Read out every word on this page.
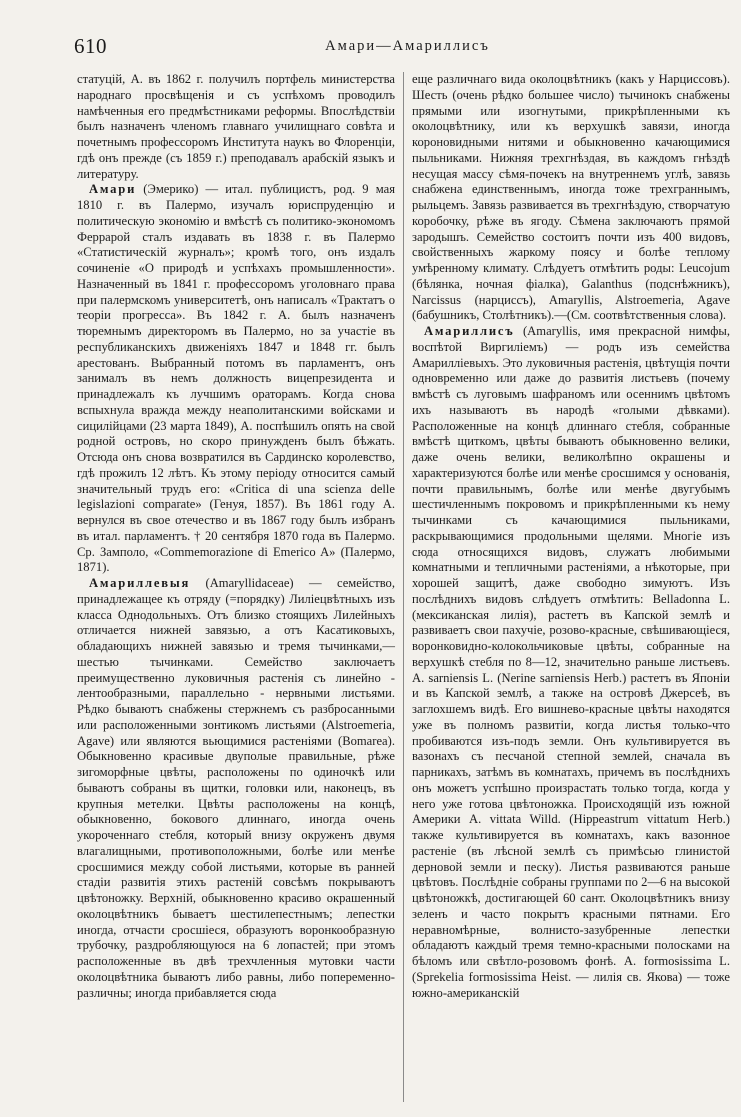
610	Амари—Амариллисъ

статуцій, А. въ 1862 г. получилъ портфель министерства народнаго просвѣщенія и съ успѣхомъ проводилъ намѣченныя его предмѣстниками реформы. Впослѣдствіи былъ назначенъ членомъ главнаго училищнаго совѣта и почетнымъ профессоромъ Института наукъ во Флоренціи, гдѣ онъ прежде (съ 1859 г.) преподавалъ арабскій языкъ и литературу.

Амари (Эмерико) — итал. публицистъ, род. 9 мая 1810 г. въ Палермо, изучалъ юриспруденцію и политическую экономію и вмѣстѣ съ политико-экономомъ Феррарой сталъ издавать въ 1838 г. въ Палермо «Статистическій журналъ»; кромѣ того, онъ издалъ сочиненіе «О природѣ и успѣхахъ промышленности». Назначенный въ 1841 г. профессоромъ уголовнаго права при палермскомъ университетѣ, онъ написалъ «Трактатъ о теоріи прогресса». Въ 1842 г. А. былъ назначенъ тюремнымъ директоромъ въ Палермо, но за участіе въ республиканскихъ движеніяхъ 1847 и 1848 гг. былъ арестованъ. Выбранный потомъ въ парламентъ, онъ занималъ въ немъ должность вицепрезидента и принадлежалъ къ лучшимъ ораторамъ. Когда снова вспыхнула вражда между неаполитанскими войсками и сицилійцами (23 марта 1849), А. поспѣшилъ опять на свой родной островъ, но скоро принужденъ былъ бѣжать. Отсюда онъ снова возвратился въ Сардинско королевство, гдѣ прожилъ 12 лѣтъ. Къ этому періоду относится самый значительный трудъ его: «Critica di una scienza delle legislazioni comparate» (Генуя, 1857). Въ 1861 году А. вернулся въ свое отечество и въ 1867 году былъ избранъ въ итал. парламентъ. † 20 сентября 1870 года въ Палермо. Ср. Замполо, «Commemorazione di Emerico A» (Палермо, 1871).

Амариллевыя (Amaryllidaceae) — семейство, принадлежащее къ отряду (=порядку) Лилiецвѣтныхъ изъ класса Однодольныхъ. Отъ близко стоящихъ Лилейныхъ отличается нижней завязью, а отъ Касатиковыхъ, обладающихъ нижней завязью и тремя тычинками,— шестью тычинками. Семейство заключаетъ преимущественно луковичныя растенія съ линейно - лентообразными, параллельно - нервными листьями. Рѣдко бываютъ снабжены стержнемъ съ разбросанными или расположенными зонтикомъ листьями (Alstroemeria, Agave) или являются вьющимися растеніями (Bomarea). Обыкновенно красивые двуполые правильные, рѣже зигоморфные цвѣты, расположены по одиночкѣ или бываютъ собраны въ щитки, головки или, наконецъ, въ крупныя метелки. Цвѣты расположены на концѣ, обыкновенно, бокового длиннаго, иногда очень укороченнаго стебля, который внизу окруженъ двумя влагалищными, противоположными, болѣе или менѣе сросшимися между собой листьями, которые въ ранней стадіи развитія этихъ растеній совсѣмъ покрываютъ цвѣтоножку. Верхній, обыкновенно красиво окрашенный околоцвѣтникъ бываетъ шестилепестнымъ; лепестки иногда, отчасти сросшіеся, образуютъ воронкообразную трубочку, раздробляющуюся на 6 лопастей; при этомъ расположенные въ двѣ трехчленныя мутовки части околоцвѣтника бываютъ либо равны, либо попеременно-различны; иногда прибавляется сюда

еще различнаго вида околоцвѣтникъ (какъ у Нарциссовъ). Шесть (очень рѣдко большее число) тычинокъ снабжены прямыми или изогнутыми, прикрѣпленными къ околоцвѣтнику, или къ верхушкѣ завязи, иногда короновидными нитями и обыкновенно качающимися пыльниками. Нижняя трехгнѣздая, въ каждомъ гнѣздѣ несущая массу сѣмя-почекъ на внутреннемъ углѣ, завязь снабжена единственнымъ, иногда тоже трехграннымъ, рыльцемъ. Завязь развивается въ трехгнѣздую, створчатую коробочку, рѣже въ ягоду. Сѣмена заключаютъ прямой зародышъ. Семейство состоитъ почти изъ 400 видовъ, свойственныхъ жаркому поясу и болѣе теплому умѣренному климату. Слѣдуетъ отмѣтить роды: Leucojum (бѣлянка, ночная фіалка), Galanthus (подснѣжникъ), Narcissus (нарциссъ), Amaryllis, Alstroemeria, Agave (бабушникъ, Столѣтникъ).—(См. соотвѣтственныя слова).

Амариллисъ (Amaryllis, имя прекрасной нимфы, воспѣтой Виргиліемъ) — родъ изъ семейства Амариллiевыхъ. Это луковичныя растенія, цвѣтущія почти одновременно или даже до развитія листьевъ (почему вмѣстѣ съ луговымъ шафраномъ или осеннимъ цвѣтомъ ихъ называютъ въ народѣ «голыми дѣвками). Расположенные на концѣ длиннаго стебля, собранные вмѣстѣ щиткомъ, цвѣты бываютъ обыкновенно велики, даже очень велики, великолѣпно окрашены и характеризуются болѣе или менѣе сросшимся у основанія, почти правильнымъ, болѣе или менѣе двугубымъ шестичленнымъ покровомъ и прикрѣпленными къ нему тычинками съ качающимися пыльниками, раскрывающимися продольными щелями. Многіе изъ сюда относящихся видовъ, служатъ любимыми комнатными и тепличными растеніями, а нѣкоторые, при хорошей защитѣ, даже свободно зимуютъ. Изъ послѣднихъ видовъ слѣдуетъ отмѣтить: Belladonna L. (мексиканская лилія), растетъ въ Капской землѣ и развиваетъ свои пахучіе, розово-красные, свѣшивающіеся, воронковидно-колокольчиковые цвѣты, собранные на верхушкѣ стебля по 8—12, значительно раньше листьевъ. A. sarniensis L. (Nerine sarniensis Herb.) растетъ въ Японіи и въ Капской землѣ, а также на островѣ Джерсеѣ, въ заглохшемъ видѣ. Его вишнево-красные цвѣты находятся уже въ полномъ развитіи, когда листья только-что пробиваются изъ-подъ земли. Онъ культивируется въ вазонахъ съ песчаной степной землей, сначала въ парникахъ, затѣмъ въ комнатахъ, причемъ въ послѣднихъ онъ можетъ успѣшно произрастать только тогда, когда у него уже готова цвѣтоножка. Происходящій изъ южной Америки A. vittata Willd. (Hippeastrum vittatum Herb.) также культивируется въ комнатахъ, какъ вазонное растеніе (въ лѣсной землѣ съ примѣсью глинистой дерновой земли и песку). Листья развиваются раньше цвѣтовъ. Послѣдніе собраны группами по 2—6 на высокой цвѣтоножкѣ, достигающей 60 сант. Околоцвѣтникъ внизу зеленъ и часто покрытъ красными пятнами. Его неравномѣрные, волнисто-зазубренные лепестки обладаютъ каждый тремя темно-красными полосками на бѣломъ или свѣтло-розовомъ фонѣ. A. formosissima L. (Sprekelia formosissima Heist. — лилія св. Якова) — тоже южно-американскій
